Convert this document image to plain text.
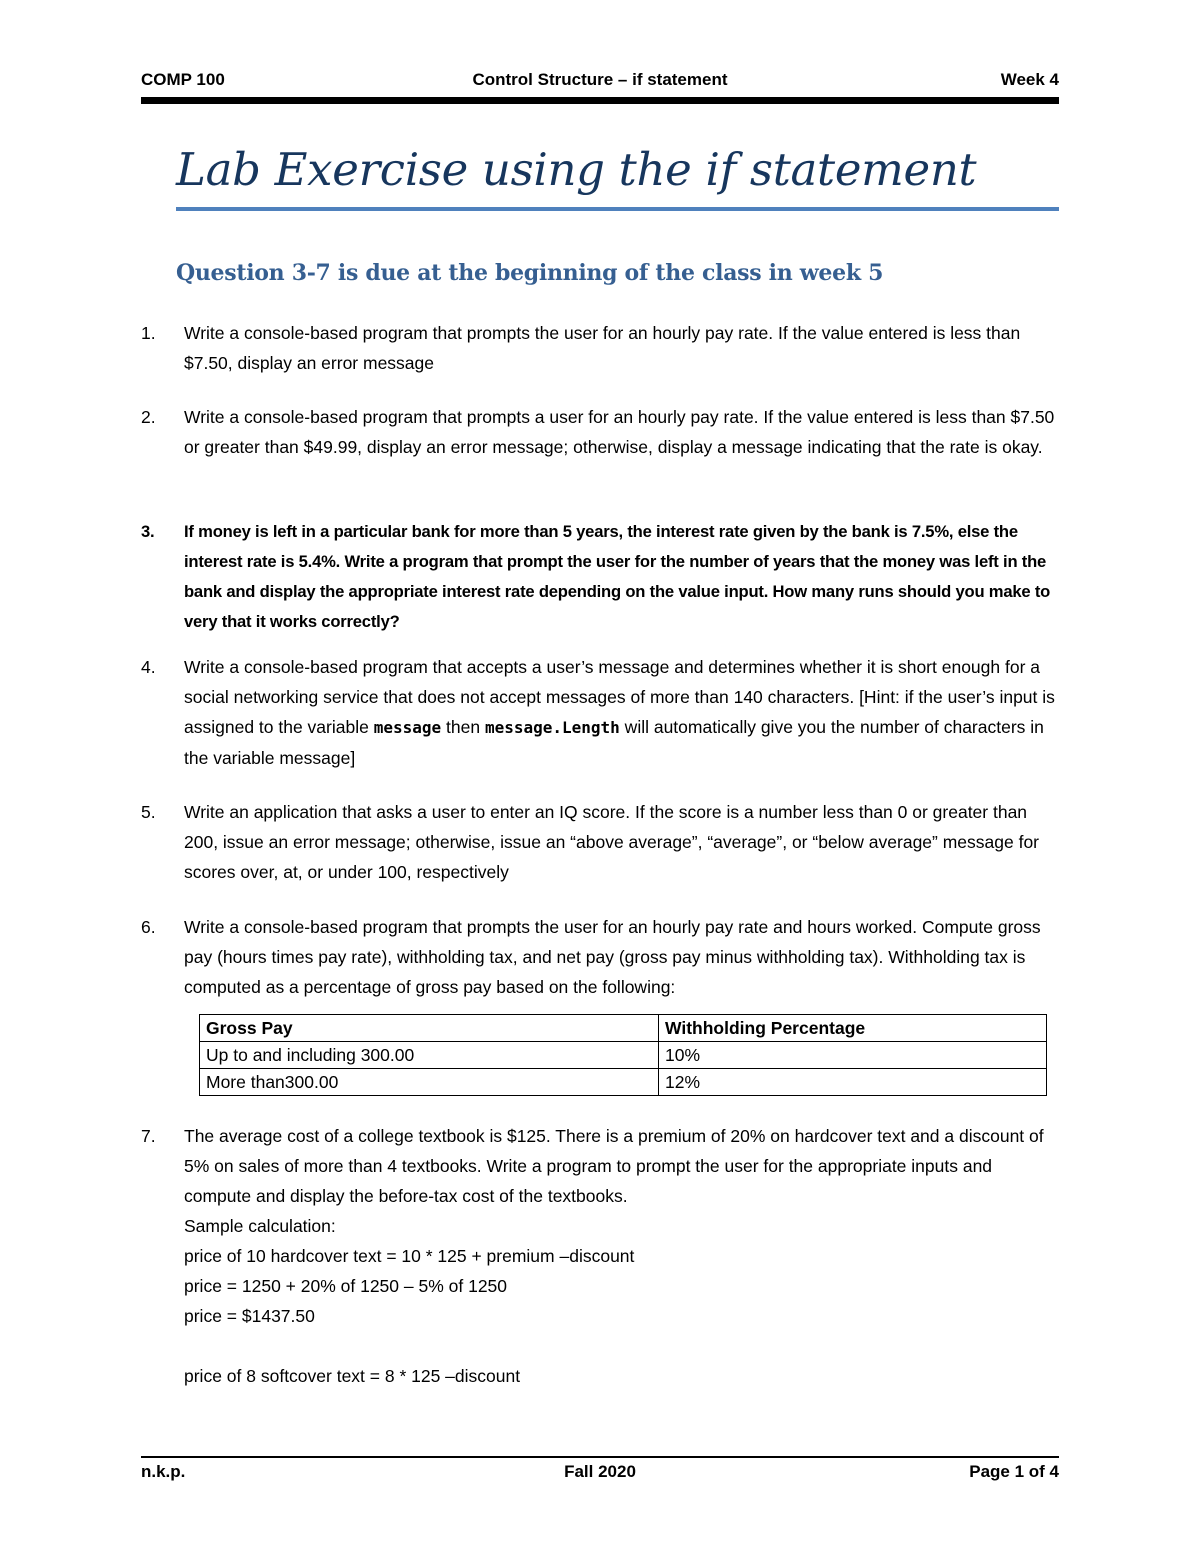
COMP 100	Control Structure – if statement	Week 4
Lab Exercise using the if statement
Question 3-7 is due at the beginning of the class in week 5
1.	Write a console-based program that prompts the user for an hourly pay rate. If the value entered is less than $7.50, display an error message
2.	Write a console-based program that prompts a user for an hourly pay rate. If the value entered is less than $7.50 or greater than $49.99, display an error message; otherwise, display a message indicating that the rate is okay.
3.	If money is left in a particular bank for more than 5 years, the interest rate given by the bank is 7.5%, else the interest rate is 5.4%. Write a program that prompt the user for the number of years that the money was left in the bank and display the appropriate interest rate depending on the value input. How many runs should you make to very that it works correctly?
4.	Write a console-based program that accepts a user’s message and determines whether it is short enough for a social networking service that does not accept messages of more than 140 characters. [Hint: if the user’s input is assigned to the variable message then message.Length will automatically give you the number of characters in the variable message]
5.	Write an application that asks a user to enter an IQ score. If the score is a number less than 0 or greater than 200, issue an error message; otherwise, issue an “above average”, “average”, or “below average” message for scores over, at, or under 100, respectively
6.	Write a console-based program that prompts the user for an hourly pay rate and hours worked. Compute gross pay (hours times pay rate), withholding tax, and net pay (gross pay minus withholding tax). Withholding tax is computed as a percentage of gross pay based on the following:
Gross Pay	Withholding Percentage
Up to and including 300.00	10%
More than300.00	12%
7.	The average cost of a college textbook is $125. There is a premium of 20% on hardcover text and a discount of 5% on sales of more than 4 textbooks. Write a program to prompt the user for the appropriate inputs and compute and display the before-tax cost of the textbooks.
Sample calculation:
price of 10 hardcover text = 10 * 125 + premium –discount
price = 1250 + 20% of 1250 – 5% of 1250
price = $1437.50
price of 8 softcover text = 8 * 125 –discount
n.k.p.	Fall 2020	Page 1 of 4
